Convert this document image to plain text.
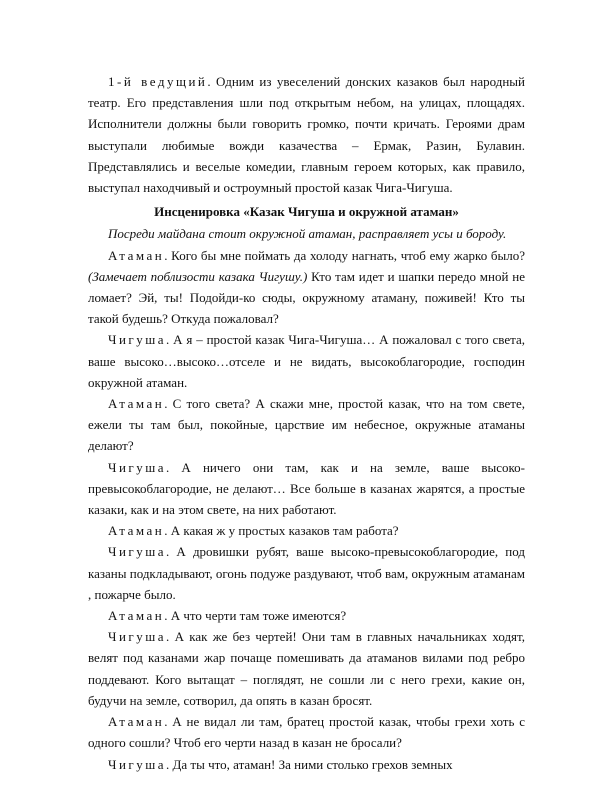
1-й ведущий. Одним из увеселений донских казаков был народный театр. Его представления шли под открытым небом, на улицах, площадях. Исполнители должны были говорить громко, почти кричать. Героями драм выступали любимые вожди казачества – Ермак, Разин, Булавин. Представлялись и веселые комедии, главным героем которых, как правило, выступал находчивый и остроумный простой казак Чига-Чигуша.

Инсценировка «Казак Чигуша и окружной атаман»

Посреди майдана стоит окружной атаман, расправляет усы и бороду.

Атаман. Кого бы мне поймать да холоду нагнать, чтоб ему жарко было? (Замечает поблизости казака Чигушу.) Кто там идет и шапки передо мной не ломает? Эй, ты! Подойди-ко сюды, окружному атаману, поживей! Кто ты такой будешь? Откуда пожаловал?

Чигуша. А я – простой казак Чига-Чигуша… А пожаловал с того света, ваше высоко…высоко…отселе и не видать, высокоблагородие, господин окружной атаман.

Атаман. С того света? А скажи мне, простой казак, что на том свете, ежели ты там был, покойные, царствие им небесное, окружные атаманы делают?

Чигуша. А ничего они там, как и на земле, ваше высоко-превысокоблагородие, не делают… Все больше в казанах жарятся, а простые казаки, как и на этом свете, на них работают.

Атаман. А какая ж у простых казаков там работа?

Чигуша. А дровишки рубят, ваше высоко-превысокоблагородие, под казаны подкладывают, огонь подуже раздувают, чтоб вам, окружным атаманам , пожарче было.

Атаман. А что черти там тоже имеются?

Чигуша. А как же без чертей! Они там в главных начальниках ходят, велят под казанами жар почаще помешивать да атаманов вилами под ребро поддевают. Кого вытащат – поглядят, не сошли ли с него грехи, какие он, будучи на земле, сотворил, да опять в казан бросят.

Атаман. А не видал ли там, братец простой казак, чтобы грехи хоть с одного сошли? Чтоб его черти назад в казан не бросали?

Чигуша. Да ты что, атаман! За ними столько грехов земных
